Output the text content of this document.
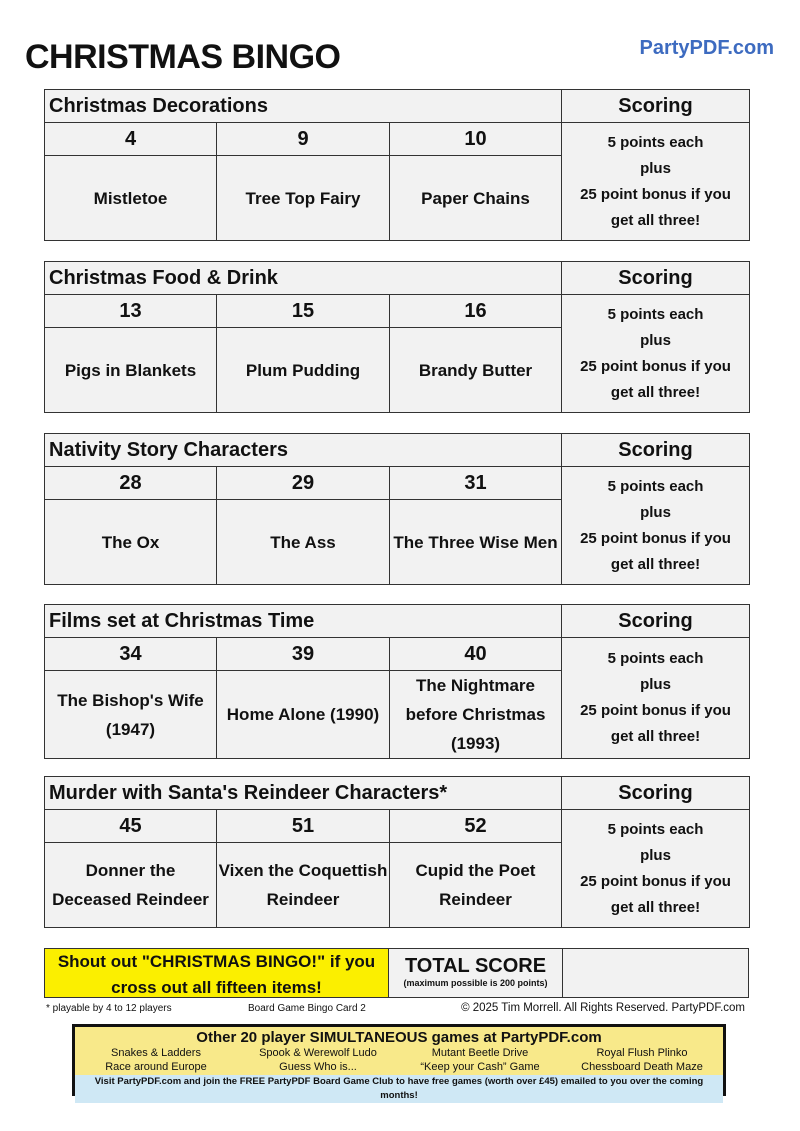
CHRISTMAS BINGO	PartyPDF.com
Christmas Decorations			Scoring
4	9	10	5 points each
plus
25 point bonus if you
get all three!

Mistletoe	Tree Top Fairy	Paper Chains	
Christmas Food & Drink			Scoring
13	15	16	5 points each
plus
25 point bonus if you
get all three!

Pigs in Blankets	Plum Pudding	Brandy Butter	
Nativity Story Characters			Scoring
28	29	31	5 points each
plus
25 point bonus if you
get all three!

The Ox	The Ass	The Three Wise Men	
Films set at Christmas Time			Scoring
34	39	40	5 points each
plus
25 point bonus if you
get all three!

The Bishop's Wife (1947)	Home Alone (1990)	The Nightmare before Christmas (1993)	
Murder with Santa's Reindeer Characters*			Scoring
45	51	52	5 points each
plus
25 point bonus if you
get all three!

Donner the Deceased Reindeer	Vixen the Coquettish Reindeer	Cupid the Poet Reindeer	
Shout out "CHRISTMAS BINGO!" if you cross out all fifteen items!
TOTAL SCORE
(maximum possible is 200 points)
* playable by 4 to 12 players	Board Game Bingo Card 2	© 2025 Tim Morrell. All Rights Reserved. PartyPDF.com
Other 20 player SIMULTANEOUS games at PartyPDF.com
Snakes & Ladders	Spook & Werewolf Ludo	Mutant Beetle Drive	Royal Flush Plinko
Race around Europe	Guess Who is...	“Keep your Cash” Game	Chessboard Death Maze
Visit PartyPDF.com and join the FREE PartyPDF Board Game Club to have free games (worth over £45) emailed to you over the coming months!
